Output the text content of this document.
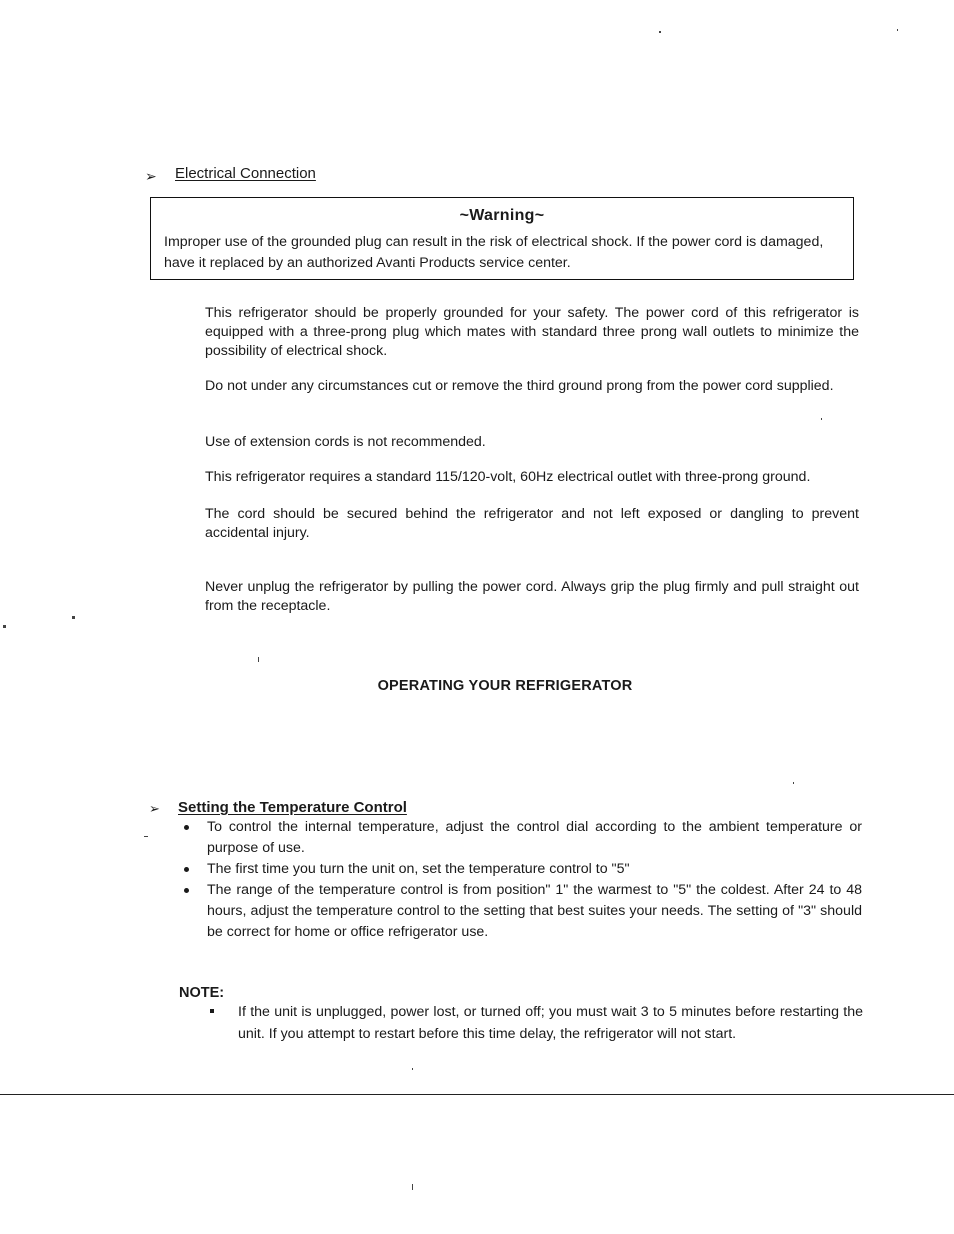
➢ Electrical Connection
~Warning~
Improper use of the grounded plug can result in the risk of electrical shock. If the power cord is damaged, have it replaced by an authorized Avanti Products service center.
This refrigerator should be properly grounded for your safety. The power cord of this refrigerator is equipped with a three-prong plug which mates with standard three prong wall outlets to minimize the possibility of electrical shock.
Do not under any circumstances cut or remove the third ground prong from the power cord supplied.
Use of extension cords is not recommended.
This refrigerator requires a standard 115/120-volt, 60Hz electrical outlet with three-prong ground.
The cord should be secured behind the refrigerator and not left exposed or dangling to prevent accidental injury.
Never unplug the refrigerator by pulling the power cord. Always grip the plug firmly and pull straight out from the receptacle.
OPERATING YOUR REFRIGERATOR
➢ Setting the Temperature Control
To control the internal temperature, adjust the control dial according to the ambient temperature or purpose of use.
The first time you turn the unit on, set the temperature control to "5"
The range of the temperature control is from position" 1" the warmest to "5" the coldest. After 24 to 48 hours, adjust the temperature control to the setting that best suites your needs. The setting of "3" should be correct for home or office refrigerator use.
NOTE:
If the unit is unplugged, power lost, or turned off; you must wait 3 to 5 minutes before restarting the unit. If you attempt to restart before this time delay, the refrigerator will not start.
